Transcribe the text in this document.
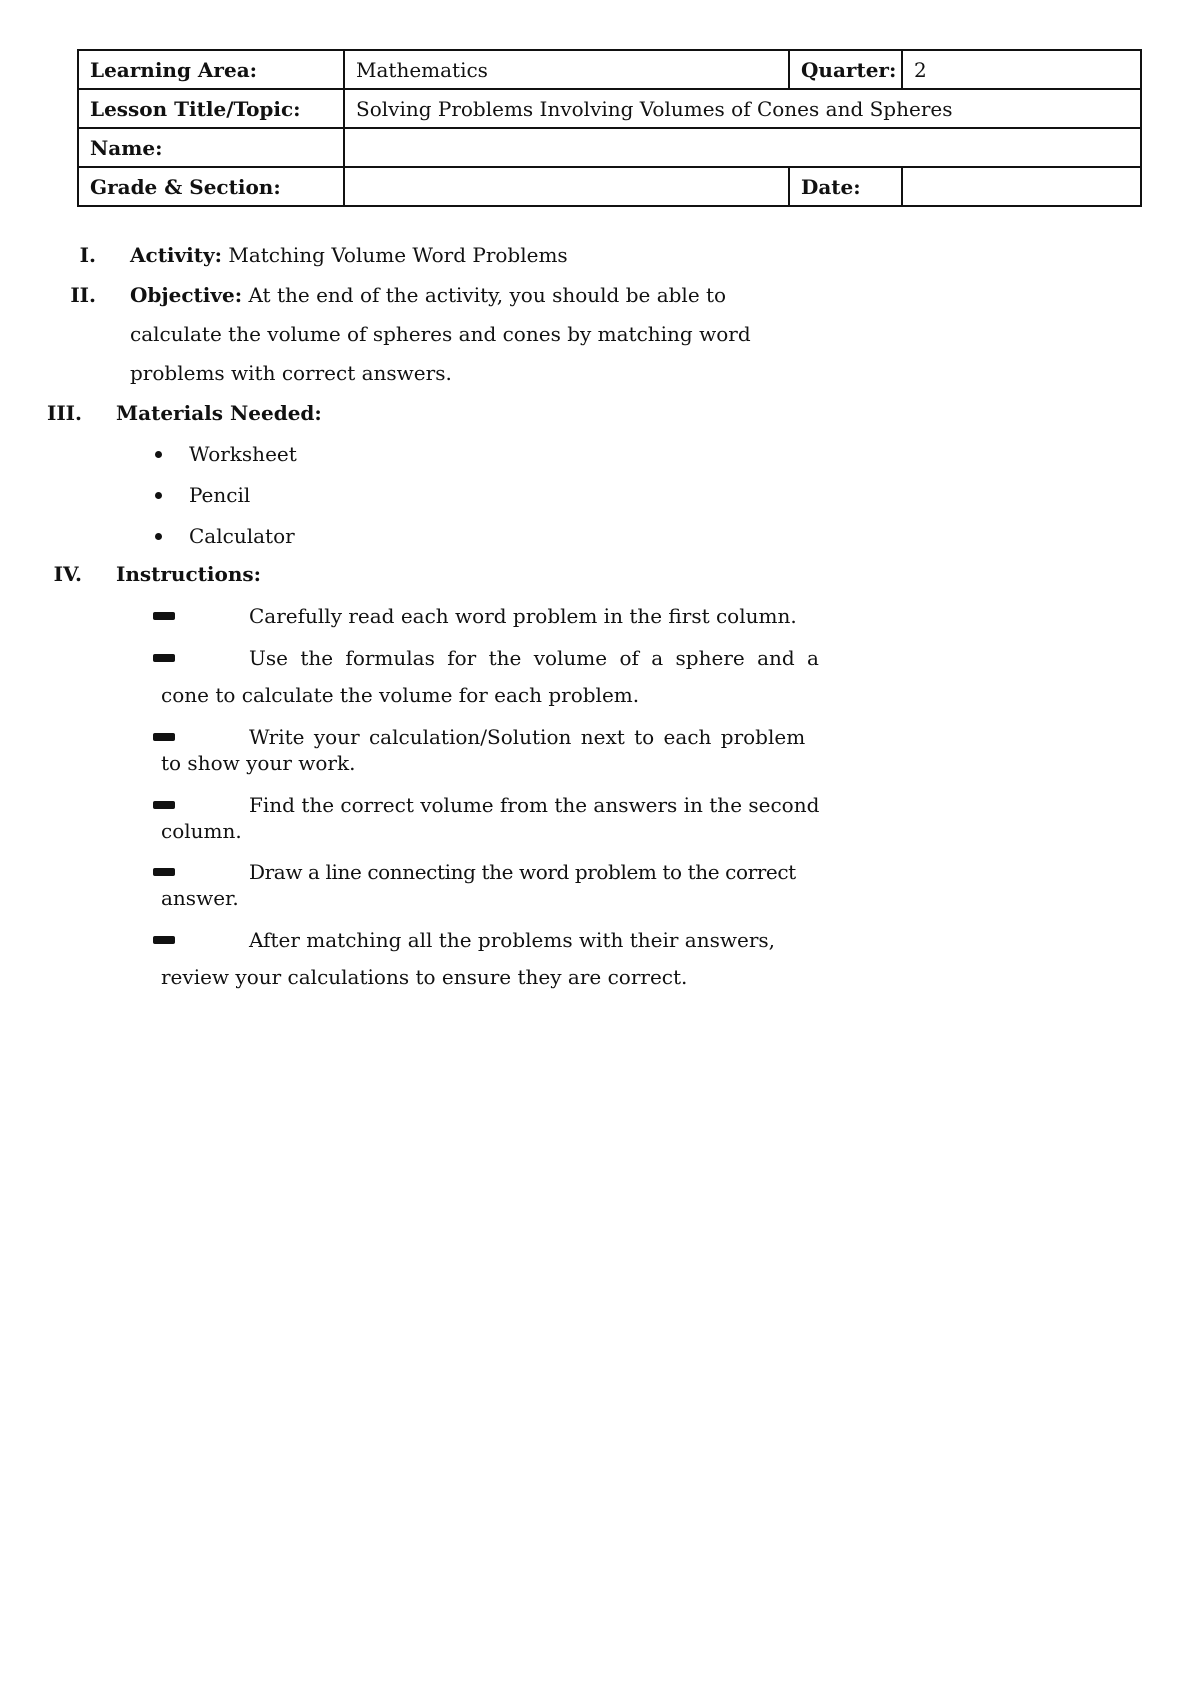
Learning Area:	Mathematics	Quarter:	2
Lesson Title/Topic:	Solving Problems Involving Volumes of Cones and Spheres		
Name:			
Grade & Section:		Date:	
I. Activity: Matching Volume Word Problems
II. Objective: At the end of the activity, you should be able to
calculate the volume of spheres and cones by matching word
problems with correct answers.
III. Materials Needed:
Worksheet
Pencil
Calculator
IV. Instructions:
Carefully read each word problem in the first column.
Use the formulas for the volume of a sphere and a
cone to calculate the volume for each problem.
Write your calculation/Solution next to each problem
to show your work.
Find the correct volume from the answers in the second
column.
Draw a line connecting the word problem to the correct
answer.
After matching all the problems with their answers,
review your calculations to ensure they are correct.
